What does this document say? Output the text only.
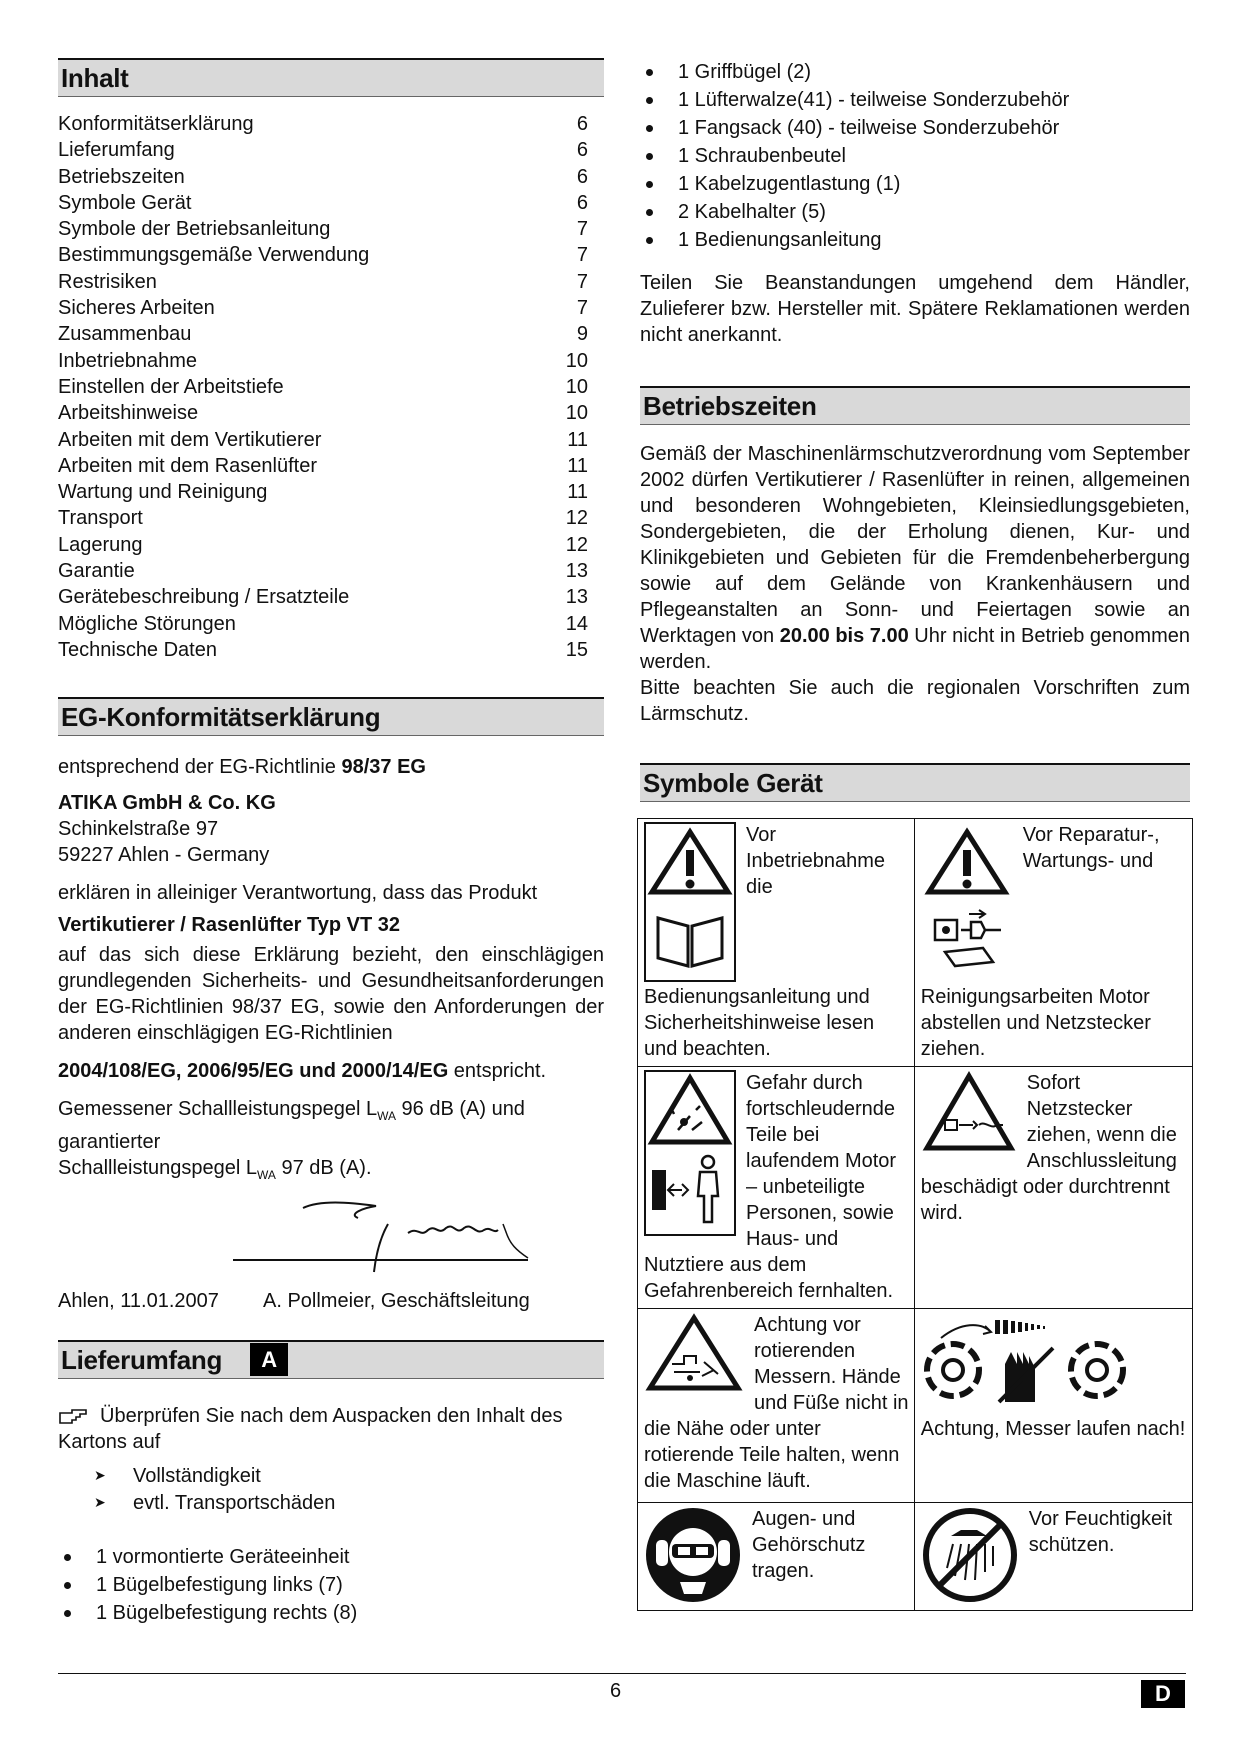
Inhalt
Konformitätserklärung	6
Lieferumfang	6
Betriebszeiten	6
Symbole Gerät	6
Symbole der Betriebsanleitung	7
Bestimmungsgemäße Verwendung	7
Restrisiken	7
Sicheres Arbeiten	7
Zusammenbau	9
Inbetriebnahme	10
Einstellen der Arbeitstiefe	10
Arbeitshinweise	10
Arbeiten mit dem Vertikutierer	11
Arbeiten mit dem Rasenlüfter	11
Wartung und Reinigung	11
Transport	12
Lagerung	12
Garantie	13
Gerätebeschreibung / Ersatzteile	13
Mögliche Störungen	14
Technische Daten	15
EG-Konformitätserklärung

entsprechend der EG-Richtlinie 98/37 EG

ATIKA GmbH & Co. KG

Schinkelstraße 97

59227 Ahlen - Germany

erklären in alleiniger Verantwortung, dass das Produkt

Vertikutierer / Rasenlüfter Typ VT 32

auf das sich diese Erklärung bezieht, den einschlägigen grundlegenden Sicherheits- und Gesundheitsanforderungen der EG-Richtlinien 98/37 EG, sowie den Anforderungen der anderen einschlägigen EG-Richtlinien

2004/108/EG, 2006/95/EG und 2000/14/EG entspricht.

Gemessener Schallleistungspegel $L_{WA}$ 96 dB (A) und garantierter

Schallleistungspegel $L_{WA}$ 97 dB (A).

Ahlen, 11.01.2007	A. Pollmeier, Geschäftsleitung
Lieferumfang A

Überprüfen Sie nach dem Auspacken den Inhalt des Kartons auf

➤ Vollständigkeit
➤ evtl. Transportschäden
1 vormontierte Geräteeinheit
1 Bügelbefestigung links (7)
1 Bügelbefestigung rechts (8)
1 Griffbügel (2)
1 Lüfterwalze(41) - teilweise Sonderzubehör
1 Fangsack (40) - teilweise Sonderzubehör
1 Schraubenbeutel
1 Kabelzugentlastung (1)
2 Kabelhalter (5)
1 Bedienungsanleitung

Teilen Sie Beanstandungen umgehend dem Händler, Zulieferer bzw. Hersteller mit. Spätere Reklamationen werden nicht anerkannt.

Betriebszeiten

Gemäß der Maschinenlärmschutzverordnung vom September 2002 dürfen Vertikutierer / Rasenlüfter in reinen, allgemeinen und besonderen Wohngebieten, Kleinsiedlungsgebieten, Sondergebieten, die der Erholung dienen, Kur- und Klinikgebieten und Gebieten für die Fremdenbeherbergung sowie auf dem Gelände von Krankenhäusern und Pflegeanstalten an Sonn- und Feiertagen sowie an Werktagen von 20.00 bis 7.00 Uhr nicht in Betrieb genommen werden.

Bitte beachten Sie auch die regionalen Vorschriften zum Lärmschutz.

Symbole Gerät
Vor Inbetriebnahme die Bedienungsanleitung und Sicherheitshinweise lesen und beachten.	Vor Reparatur-, Wartungs- und Reinigungsarbeiten Motor abstellen und Netzstecker ziehen.

Gefahr durch fortschleudernde Teile bei laufendem Motor – unbeteiligte Personen, sowie Haus- und Nutztiere aus dem Gefahrenbereich fernhalten.	Sofort Netzstecker ziehen, wenn die Anschlussleitung beschädigt oder durchtrennt wird.

Achtung vor rotierenden Messern. Hände und Füße nicht in die Nähe oder unter rotierende Teile halten, wenn die Maschine läuft.	Achtung, Messer laufen nach!

Augen- und Gehörschutz tragen.	Vor Feuchtigkeit schützen.
6	D
